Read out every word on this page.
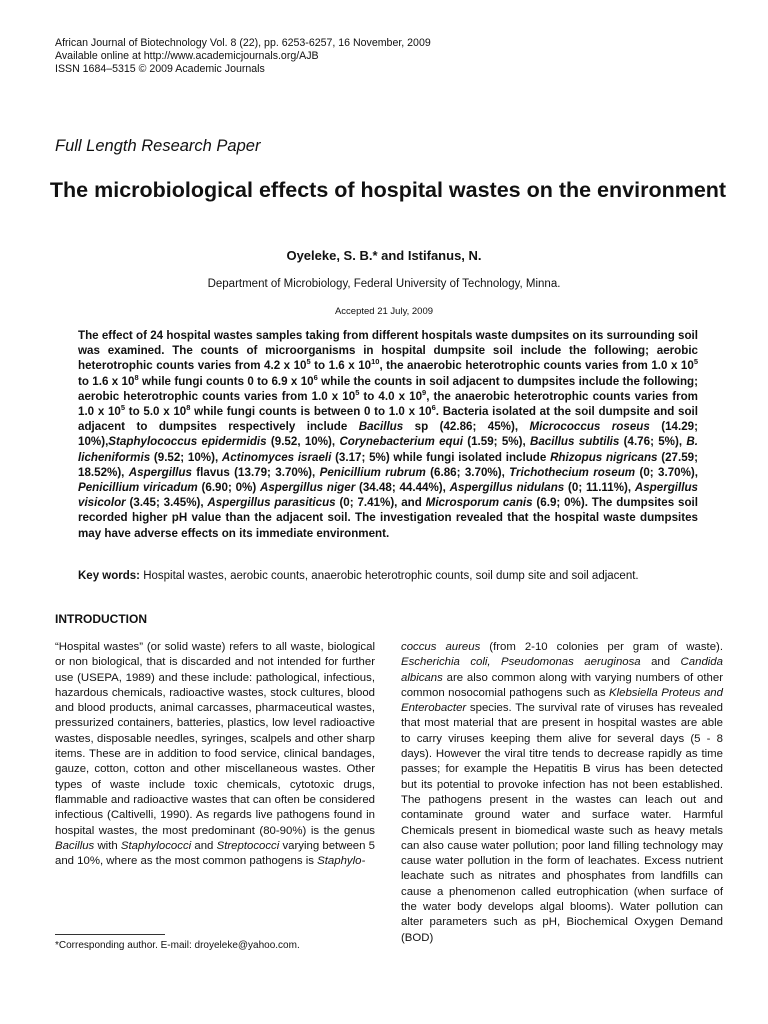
African Journal of Biotechnology Vol. 8 (22), pp. 6253-6257, 16 November, 2009
Available online at http://www.academicjournals.org/AJB
ISSN 1684–5315 © 2009 Academic Journals
Full Length Research Paper
The microbiological effects of hospital wastes on the environment
Oyeleke, S. B.* and Istifanus, N.
Department of Microbiology, Federal University of Technology, Minna.
Accepted 21 July, 2009
The effect of 24 hospital wastes samples taking from different hospitals waste dumpsites on its surrounding soil was examined. The counts of microorganisms in hospital dumpsite soil include the following; aerobic heterotrophic counts varies from 4.2 x $10^5$ to 1.6 x $10^{10}$, the anaerobic heterotrophic counts varies from 1.0 x $10^5$ to 1.6 x $10^8$ while fungi counts 0 to 6.9 x $10^6$ while the counts in soil adjacent to dumpsites include the following; aerobic heterotrophic counts varies from 1.0 x $10^5$ to 4.0 x $10^9$, the anaerobic heterotrophic counts varies from 1.0 x $10^5$ to 5.0 x $10^8$ while fungi counts is between 0 to 1.0 x $10^6$. Bacteria isolated at the soil dumpsite and soil adjacent to dumpsites respectively include Bacillus sp (42.86; 45%), Micrococcus roseus (14.29; 10%),Staphylococcus epidermidis (9.52, 10%), Corynebacterium equi (1.59; 5%), Bacillus subtilis (4.76; 5%), B. licheniformis (9.52; 10%), Actinomyces israeli (3.17; 5%) while fungi isolated include Rhizopus nigricans (27.59; 18.52%), Aspergillus flavus (13.79; 3.70%), Penicillium rubrum (6.86; 3.70%), Trichothecium roseum (0; 3.70%), Penicillium viricadum (6.90; 0%) Aspergillus niger (34.48; 44.44%), Aspergillus nidulans (0; 11.11%), Aspergillus visicolor (3.45; 3.45%), Aspergillus parasiticus (0; 7.41%), and Microsporum canis (6.9; 0%). The dumpsites soil recorded higher pH value than the adjacent soil. The investigation revealed that the hospital waste dumpsites may have adverse effects on its immediate environment.
Key words: Hospital wastes, aerobic counts, anaerobic heterotrophic counts, soil dump site and soil adjacent.
INTRODUCTION

“Hospital wastes” (or solid waste) refers to all waste, biological or non biological, that is discarded and not intended for further use (USEPA, 1989) and these include: pathological, infectious, hazardous chemicals, radioactive wastes, stock cultures, blood and blood products, animal carcasses, pharmaceutical wastes, pressurized containers, batteries, plastics, low level radioactive wastes, disposable needles, syringes, scalpels and other sharp items. These are in addition to food service, clinical bandages, gauze, cotton, cotton and other miscellaneous wastes. Other types of waste include toxic chemicals, cytotoxic drugs, flammable and radioactive wastes that can often be considered infectious (Caltivelli, 1990). As regards live pathogens found in hospital wastes, the most predominant (80-90%) is the genus Bacillus with Staphylococci and Streptococci varying between 5 and 10%, where as the most common pathogens is Staphylo-

coccus aureus (from 2-10 colonies per gram of waste). Escherichia coli, Pseudomonas aeruginosa and Candida albicans are also common along with varying numbers of other common nosocomial pathogens such as Klebsiella Proteus and Enterobacter species. The survival rate of viruses has revealed that most material that are present in hospital wastes are able to carry viruses keeping them alive for several days (5 - 8 days). However the viral titre tends to decrease rapidly as time passes; for example the Hepatitis B virus has been detected but its potential to provoke infection has not been established. The pathogens present in the wastes can leach out and contaminate ground water and surface water. Harmful Chemicals present in biomedical waste such as heavy metals can also cause water pollution; poor land filling technology may cause water pollution in the form of leachates. Excess nutrient leachate such as nitrates and phosphates from landfills can cause a phenomenon called eutrophication (when surface of the water body develops algal blooms). Water pollution can alter parameters such as pH, Biochemical Oxygen Demand (BOD)

*Corresponding author. E-mail: droyeleke@yahoo.com.
